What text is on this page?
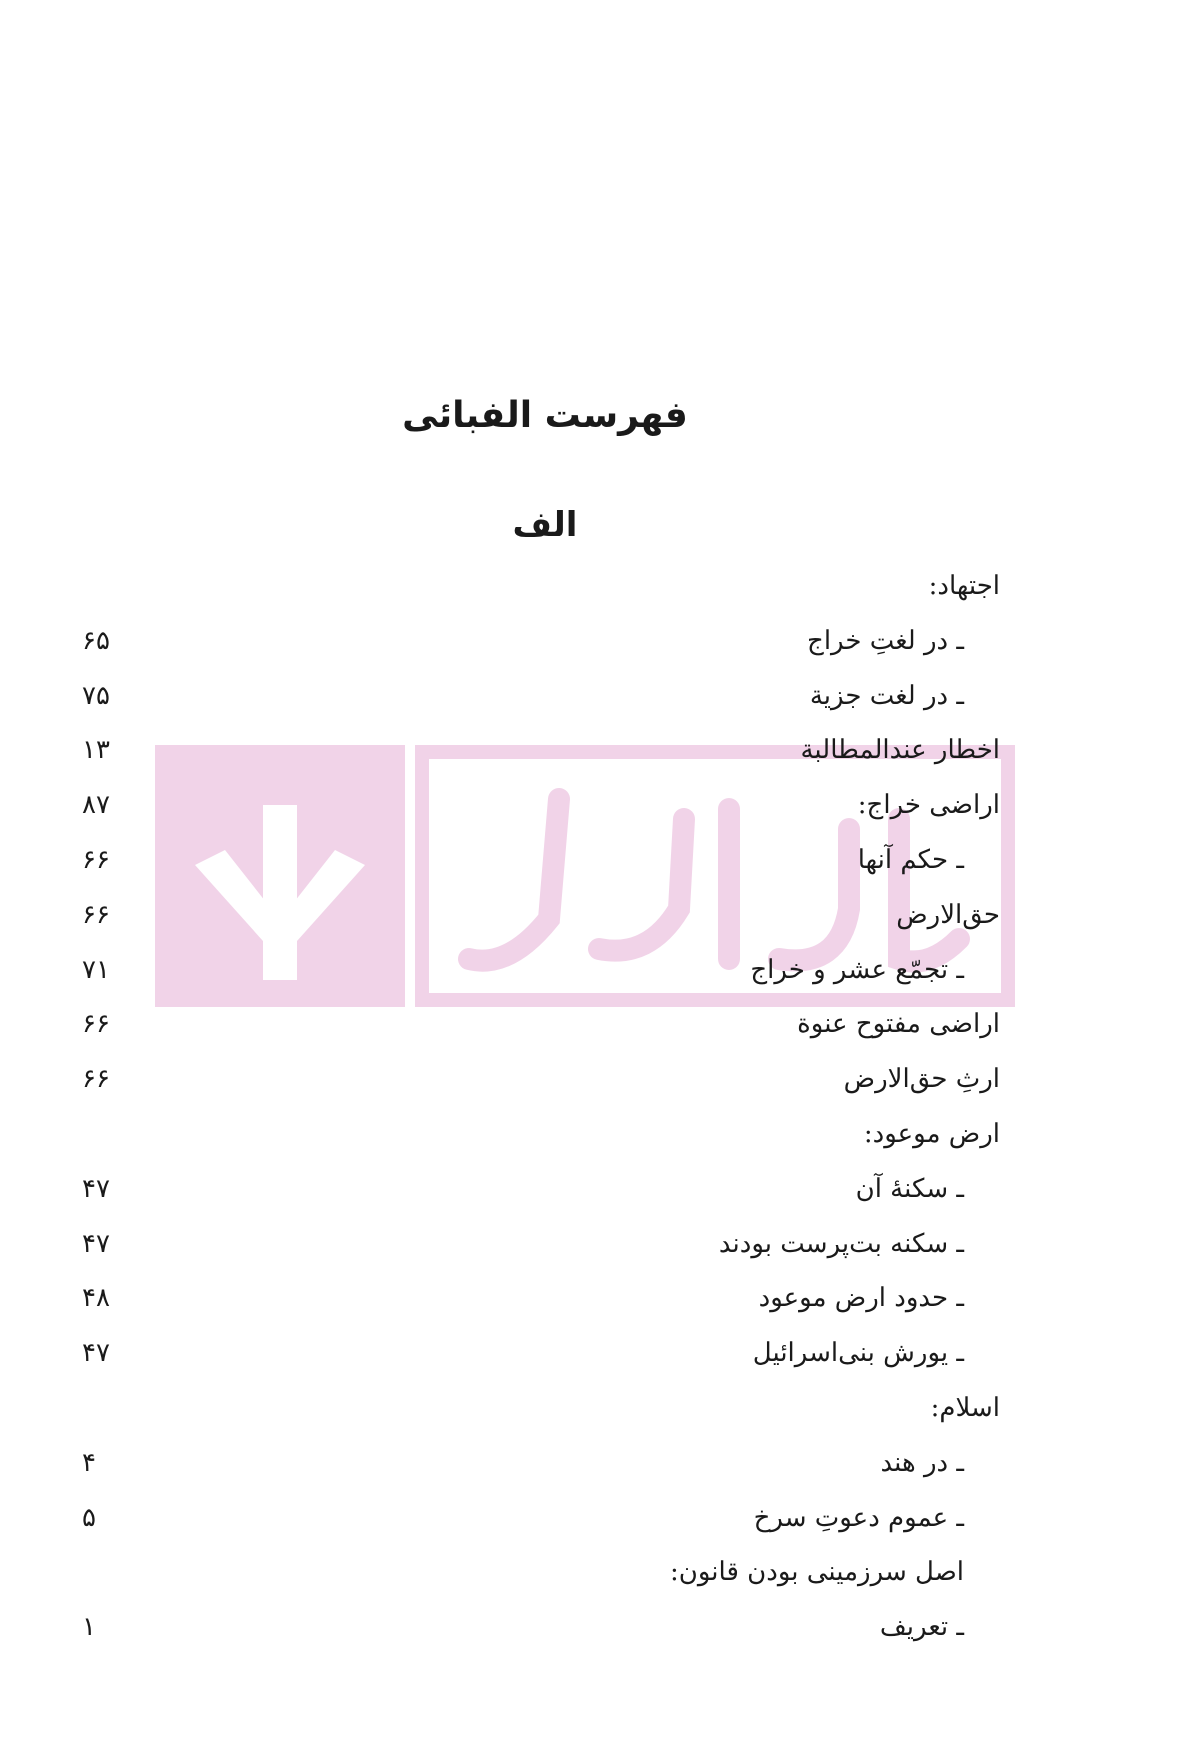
فهرست الفبائی
الف
اجتهاد:
ـ در لغتِ خراج
۶۵
ـ در لغت جزیة
۷۵
اخطار عندالمطالبة
۱۳
اراضی خراج:
۸۷
ـ حکم آنها
۶۶
حق‌الارض
۶۶
ـ تجمّع عشر و خراج
۷۱
اراضی مفتوح عنوة
۶۶
ارثِ حق‌الارض
۶۶
ارض موعود:
ـ سکنهٔ آن
۴۷
ـ سکنه بت‌پرست بودند
۴۷
ـ حدود ارض موعود
۴۸
ـ یورش بنی‌اسرائیل
۴۷
اسلام:
ـ در هند
۴
ـ عموم دعوتِ سرخ
۵
اصل سرزمینی بودن قانون:
ـ تعریف
۱
